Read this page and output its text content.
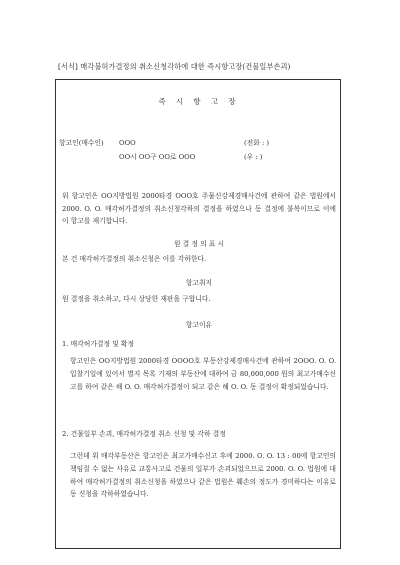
[서식] 매각불허가결정의 취소신청각하에 대한 즉시항고장(건물일부손괴)
즉 시 항 고 장
항고인(매수인) OOO	(전화 : )
OO시 OO구 OO로 OOO	(우 : )
위 항고인은 OO지방법원 2000타경 OOO호 주물신강제경매사건에 관하여 같은 법원에서 2000. O. O. 매각허가결정의 취소신청각하의 결정을 하였으나 동 결정에 불복이므로 이에 이 항고를 제기합니다.
원 결 정 의 표 시
본 건 매각허가결정의 취소신청은 이를 각하한다.
항고취지
원 결정을 취소하고, 다시 상당한 재판을 구합니다.
항고이유
1. 매각허가결정 및 확정
항고인은 OO지방법원 2000타경 OOOO호 부동산강제경매사건에 관하여 2OOO. O. O. 입찰기일에 있어서 별지 목록 기재의 부동산에 대하여 금 80,000,000 원의 최고가매수신고를 하여 같은 해 O. O. 매각허가결정이 되고 같은 해 O. O. 동 결정이 확정되었습니다.
2. 건물일부 손괴, 매각허가결정 취소 신청 및 각하 결정
그런데 위 매각부동산은 항고인은 최고가매수신고 후에 2000. O. O. 13 : 00에 항고인의 책임질 수 없는 사유로 교통사고로 건물의 일부가 손괴되었으므로 2000. O. O. 법원에 대하여 매각허가결정의 취소신청을 하였으나 같은 법원은 훼손의 정도가 경미하다는 이유로 동 신청을 각하하였습니다.
